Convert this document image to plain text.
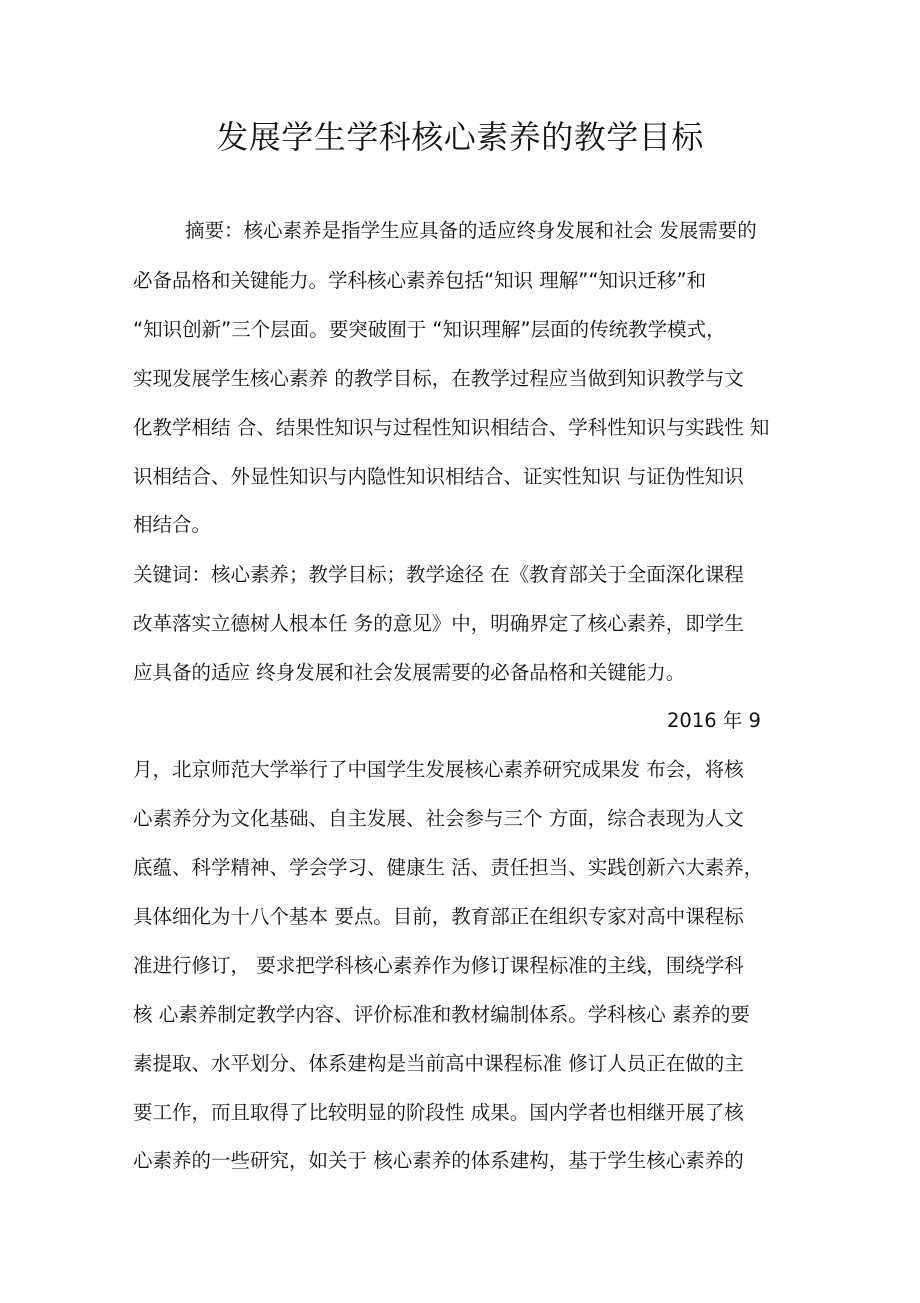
发展学生学科核心素养的教学目标
摘要：核心素养是指学生应具备的适应终身发展和社会 发展需要的
必备品格和关键能力。学科核心素养包括“知识 理解”“知识迁移”和
“知识创新”三个层面。要突破囿于 “知识理解”层面的传统教学模式，
实现发展学生核心素养 的教学目标，在教学过程应当做到知识教学与文
化教学相结 合、结果性知识与过程性知识相结合、学科性知识与实践性 知
识相结合、外显性知识与内隐性知识相结合、证实性知识 与证伪性知识
相结合。
关键词：核心素养；教学目标；教学途径 在《教育部关于全面深化课程
改革落实立德树人根本任 务的意见》中，明确界定了核心素养，即学生
应具备的适应 终身发展和社会发展需要的必备品格和关键能力。
2016 年 9
月，北京师范大学举行了中国学生发展核心素养研究成果发 布会，将核
心素养分为文化基础、自主发展、社会参与三个 方面，综合表现为人文
底蕴、科学精神、学会学习、健康生 活、责任担当、实践创新六大素养，
具体细化为十八个基本 要点。目前，教育部正在组织专家对高中课程标
准进行修订， 要求把学科核心素养作为修订课程标准的主线，围绕学科
核 心素养制定教学内容、评价标准和教材编制体系。学科核心 素养的要
素提取、水平划分、体系建构是当前高中课程标准 修订人员正在做的主
要工作，而且取得了比较明显的阶段性 成果。国内学者也相继开展了核
心素养的一些研究，如关于 核心素养的体系建构，基于学生核心素养的
